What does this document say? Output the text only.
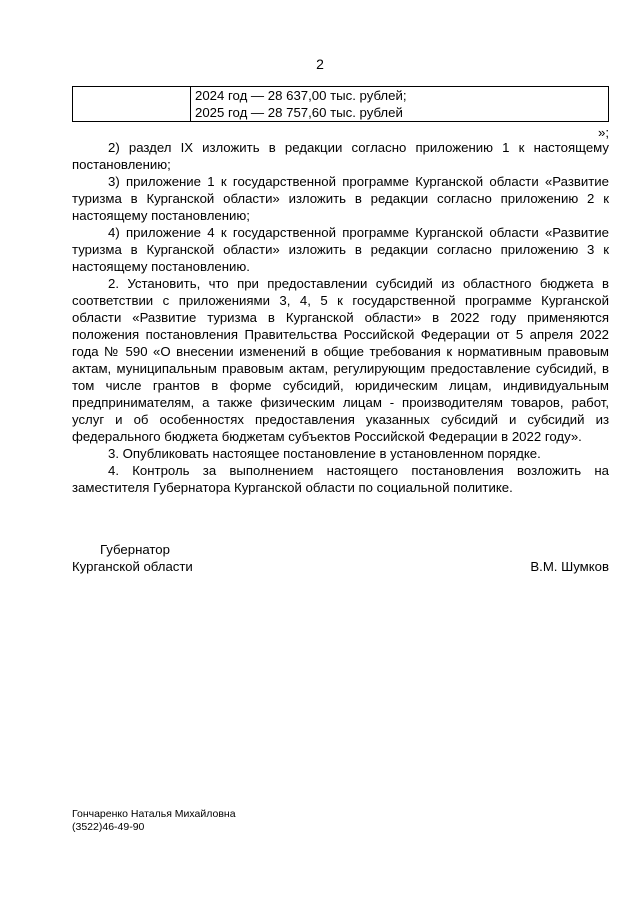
2
	2024 год — 28 637,00 тыс. рублей;
2025 год — 28 757,60 тыс. рублей
»;

2) раздел IX изложить в редакции согласно приложению 1 к настоящему постановлению;

3) приложение 1 к государственной программе Курганской области «Развитие туризма в Курганской области» изложить в редакции согласно приложению 2 к настоящему постановлению;

4) приложение 4 к государственной программе Курганской области «Развитие туризма в Курганской области» изложить в редакции согласно приложению 3 к настоящему постановлению.

2. Установить, что при предоставлении субсидий из областного бюджета в соответствии с приложениями 3, 4, 5 к государственной программе Курганской области «Развитие туризма в Курганской области» в 2022 году применяются положения постановления Правительства Российской Федерации от 5 апреля 2022 года № 590 «О внесении изменений в общие требования к нормативным правовым актам, муниципальным правовым актам, регулирующим предоставление субсидий, в том числе грантов в форме субсидий, юридическим лицам, индивидуальным предпринимателям, а также физическим лицам - производителям товаров, работ, услуг и об особенностях предоставления указанных субсидий и субсидий из федерального бюджета бюджетам субъектов Российской Федерации в 2022 году».

3. Опубликовать настоящее постановление в установленном порядке.

4. Контроль за выполнением настоящего постановления возложить на заместителя Губернатора Курганской области по социальной политике.

Губернатор
Курганской области	В.М. Шумков
Гончаренко Наталья Михайловна
(3522)46-49-90
